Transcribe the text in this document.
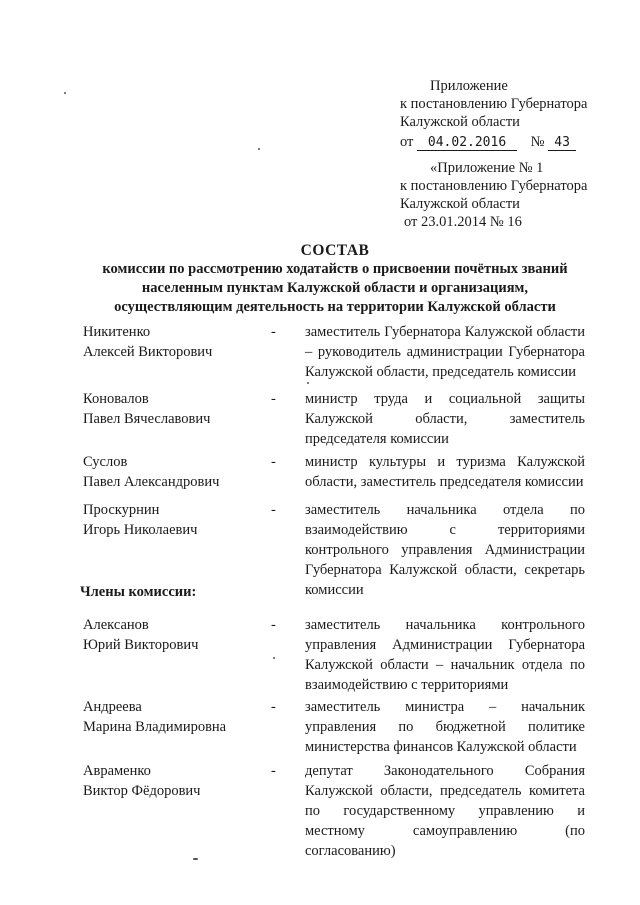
Приложение
к постановлению Губернатора
Калужской области
от 04.02.2016 № 43
«Приложение № 1
к постановлению Губернатора
Калужской области
от 23.01.2014 № 16
СОСТАВ
комиссии по рассмотрению ходатайств о присвоении почётных званий
населенным пунктам Калужской области и организациям,
осуществляющим деятельность на территории Калужской области
Никитенко
Алексей Викторович
- заместитель Губернатора Калужской области – руководитель администрации Губернатора Калужской области, председатель комиссии
Коновалов
Павел Вячеславович
- министр труда и социальной защиты Калужской области, заместитель председателя комиссии
Суслов
Павел Александрович
- министр культуры и туризма Калужской области, заместитель председателя комиссии
Проскурнин
Игорь Николаевич
- заместитель начальника отдела по взаимодействию с территориями контрольного управления Администрации Губернатора Калужской области, секретарь комиссии
Члены комиссии:
Алексанов
Юрий Викторович
- заместитель начальника контрольного управления Администрации Губернатора Калужской области – начальник отдела по взаимодействию с территориями
Андреева
Марина Владимировна
- заместитель министра – начальник управления по бюджетной политике министерства финансов Калужской области
Авраменко
Виктор Фёдорович
- депутат Законодательного Собрания Калужской области, председатель комитета по государственному управлению и местному самоуправлению (по согласованию)
